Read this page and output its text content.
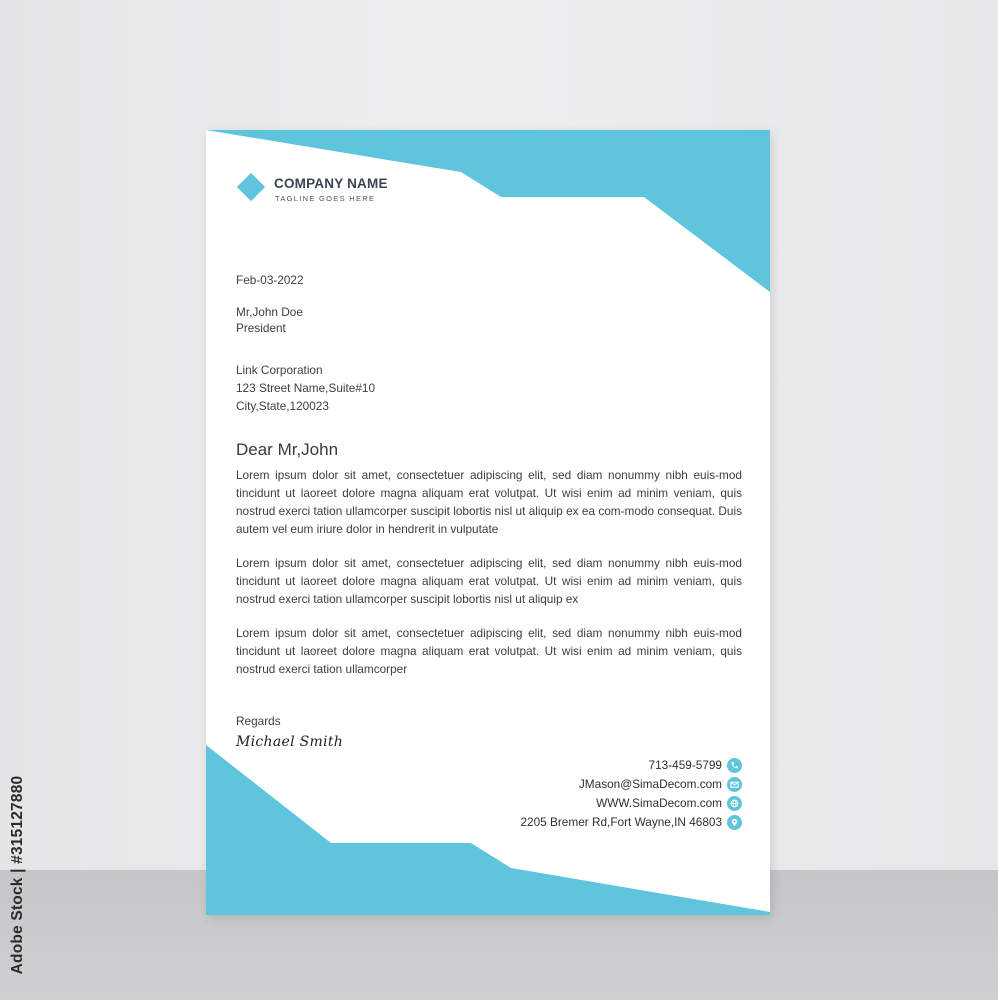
COMPANY NAME
TAGLINE GOES HERE
Feb-03-2022
Mr,John Doe
President
Link Corporation
123 Street Name,Suite#10
City,State,120023
Dear Mr,John
Lorem ipsum dolor sit amet, consectetuer adipiscing elit, sed diam nonummy nibh euis-mod tincidunt ut laoreet dolore magna aliquam erat volutpat. Ut wisi enim ad minim veniam, quis nostrud exerci tation ullamcorper suscipit lobortis nisl ut aliquip ex ea com-modo consequat. Duis autem vel eum iriure dolor in hendrerit in vulputate
Lorem ipsum dolor sit amet, consectetuer adipiscing elit, sed diam nonummy nibh euis-mod tincidunt ut laoreet dolore magna aliquam erat volutpat. Ut wisi enim ad minim veniam, quis nostrud exerci tation ullamcorper suscipit lobortis nisl ut aliquip ex
Lorem ipsum dolor sit amet, consectetuer adipiscing elit, sed diam nonummy nibh euis-mod tincidunt ut laoreet dolore magna aliquam erat volutpat. Ut wisi enim ad minim veniam, quis nostrud exerci tation ullamcorper
Regards
Michael Smith
713-459-5799
JMason@SimaDecom.com
WWW.SimaDecom.com
2205 Bremer Rd,Fort Wayne,IN 46803
Adobe Stock | #315127880
